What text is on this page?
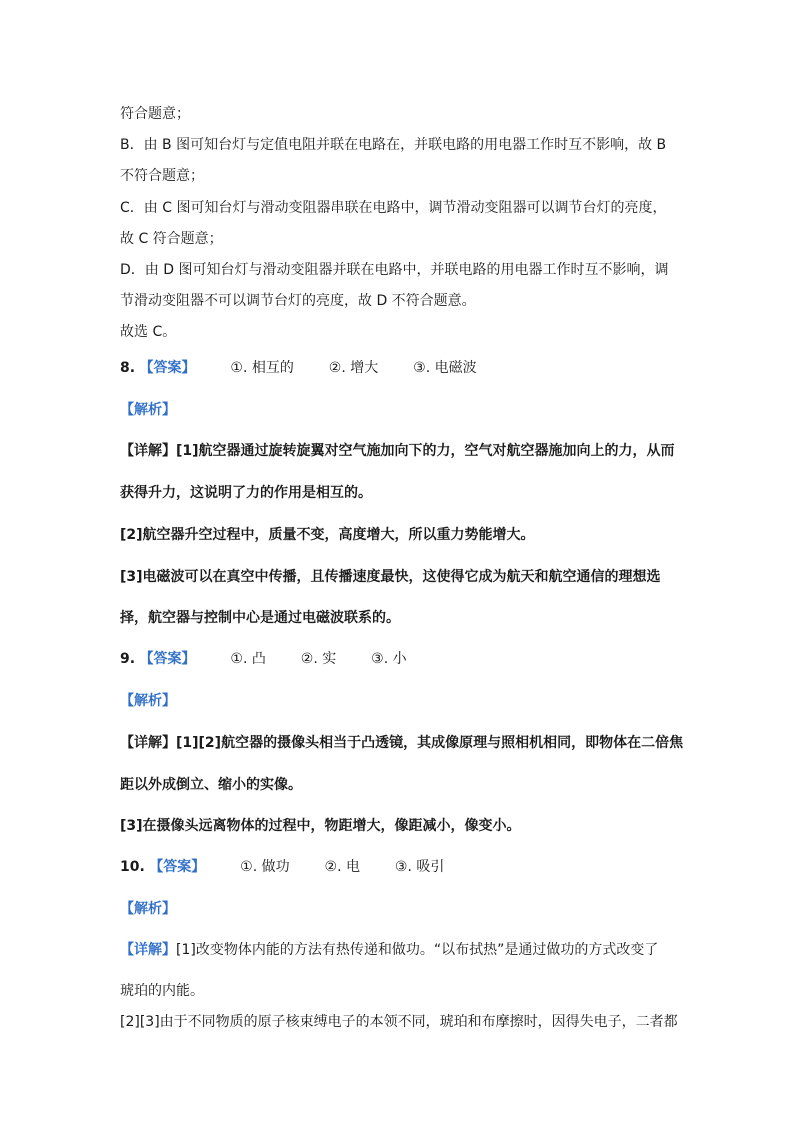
符合题意；
B．由 B 图可知台灯与定值电阻并联在电路在，并联电路的用电器工作时互不影响，故 B
不符合题意；
C．由 C 图可知台灯与滑动变阻器串联在电路中，调节滑动变阻器可以调节台灯的亮度，
故 C 符合题意；
D．由 D 图可知台灯与滑动变阻器并联在电路中，并联电路的用电器工作时互不影响，调
节滑动变阻器不可以调节台灯的亮度，故 D 不符合题意。
故选 C。
8. 【答案】 ①. 相互的 ②. 增大 ③. 电磁波
【解析】
【详解】[1]航空器通过旋转旋翼对空气施加向下的力，空气对航空器施加向上的力，从而
获得升力，这说明了力的作用是相互的。
[2]航空器升空过程中，质量不变，高度增大，所以重力势能增大。
[3]电磁波可以在真空中传播，且传播速度最快，这使得它成为航天和航空通信的理想选
择，航空器与控制中心是通过电磁波联系的。
9. 【答案】 ①. 凸 ②. 实 ③. 小
【解析】
【详解】[1][2]航空器的摄像头相当于凸透镜，其成像原理与照相机相同，即物体在二倍焦
距以外成倒立、缩小的实像。
[3]在摄像头远离物体的过程中，物距增大，像距减小，像变小。
10. 【答案】 ①. 做功 ②. 电 ③. 吸引
【解析】
【详解】[1]改变物体内能的方法有热传递和做功。“以布拭热”是通过做功的方式改变了
琥珀的内能。
[2][3]由于不同物质的原子核束缚电子的本领不同，琥珀和布摩擦时，因得失电子，二者都
